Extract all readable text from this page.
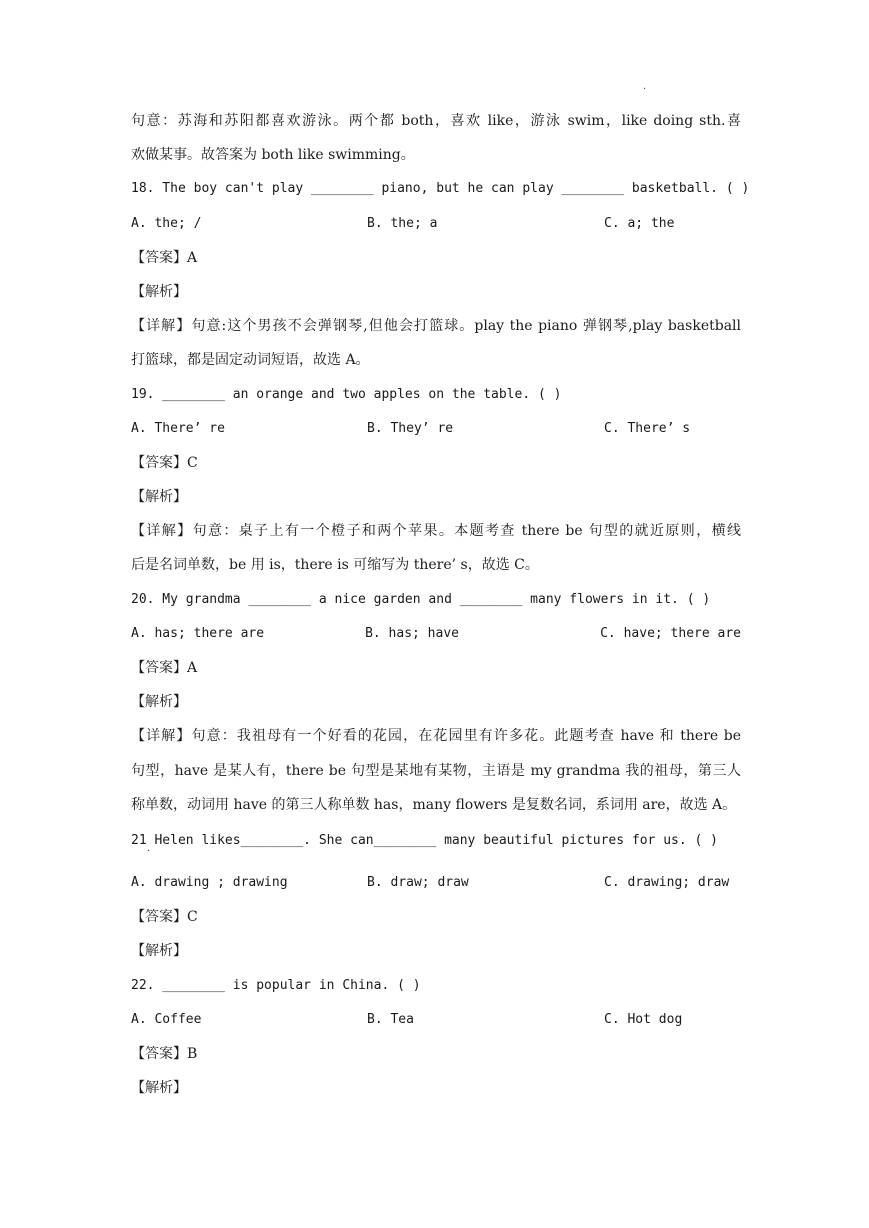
·
·
句意：苏海和苏阳都喜欢游泳。两个都 both，喜欢 like，游泳 swim，like doing sth.喜
欢做某事。故答案为 both like swimming。
18. The boy can't play ________ piano, but he can play ________ basketball. ( )
A. the; /	B. the; a	C. a; the
【答案】A
【解析】
【详解】句意:这个男孩不会弹钢琴,但他会打篮球。play the piano 弹钢琴,play basketball
打篮球，都是固定动词短语，故选 A。
19. ________ an orange and two apples on the table. ( )
A. There’ re	B. They’ re	C. There’ s
【答案】C
【解析】
【详解】句意：桌子上有一个橙子和两个苹果。本题考查 there be 句型的就近原则，横线
后是名词单数，be 用 is，there is 可缩写为 there’ s，故选 C。
20. My grandma ________ a nice garden and ________ many flowers in it. ( )
A. has; there are	B. has; have	C. have; there are
【答案】A
【解析】
【详解】句意：我祖母有一个好看的花园，在花园里有许多花。此题考查 have 和 there be
句型，have 是某人有，there be 句型是某地有某物，主语是 my grandma 我的祖母，第三人
称单数，动词用 have 的第三人称单数 has，many flowers 是复数名词，系词用 are，故选 A。
21 Helen likes________. She can________ many beautiful pictures for us. ( )
A. drawing ; drawing	B. draw; draw	C. drawing; draw
【答案】C
【解析】
22. ________ is popular in China. ( )
A. Coffee	B. Tea	C. Hot dog
【答案】B
【解析】
